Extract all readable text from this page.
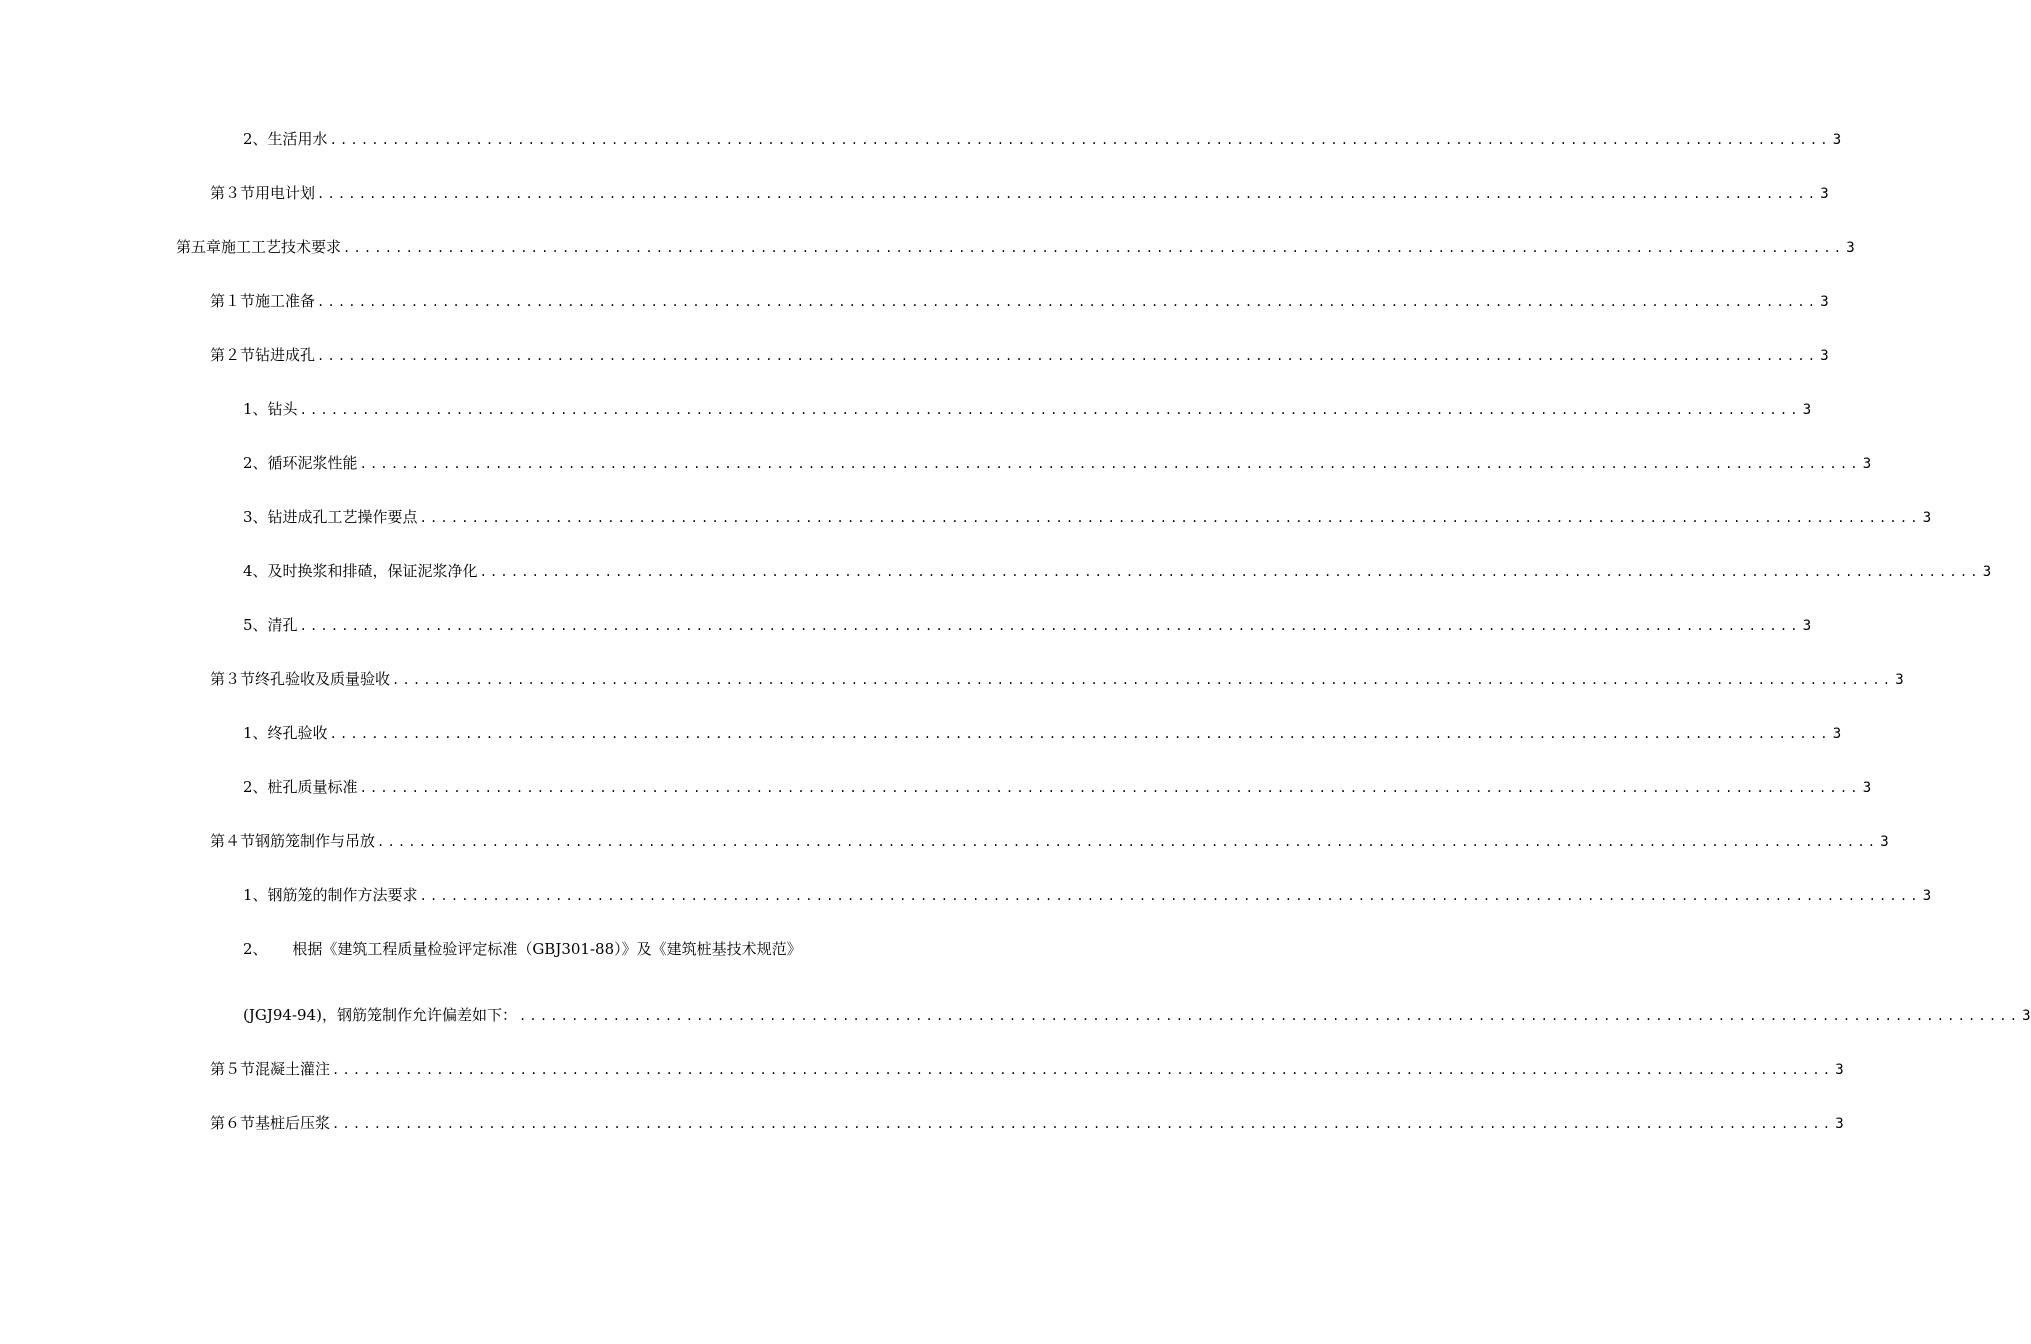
2、 生活用水 ................................................................................................................................................ 3
第３节 用电计划 ................................................................................................................................................ 3
第五章 施工工艺技术要求 ................................................................................................................................................ 3
第１节 施工准备 ................................................................................................................................................ 3
第２节 钻进成孔 ................................................................................................................................................ 3
1、 钻头 ................................................................................................................................................ 3
2、 循环泥浆性能 ................................................................................................................................................ 3
3、 钻进成孔工艺操作要点 ................................................................................................................................................ 3
4、 及时换浆和排碴，保证泥浆净化 ................................................................................................................................................ 3
5、 清孔 ................................................................................................................................................ 3
第３节 终孔验收及质量验收 ................................................................................................................................................ 3
1、 终孔验收 ................................................................................................................................................ 3
2、 桩孔质量标准 ................................................................................................................................................ 3
第４节 钢筋笼制作与吊放 ................................................................................................................................................ 3
1、 钢筋笼的制作方法要求 ................................................................................................................................................ 3
2、 根据《建筑工程质量检验评定标准（GBJ301-88）》及《建筑桩基技术规范》
(JGJ94-94)，钢筋笼制作允许偏差如下： ................................................................................................................................................ 3
第５节 混凝土灌注 ................................................................................................................................................ 3
第６节 基桩后压浆 ................................................................................................................................................ 3
